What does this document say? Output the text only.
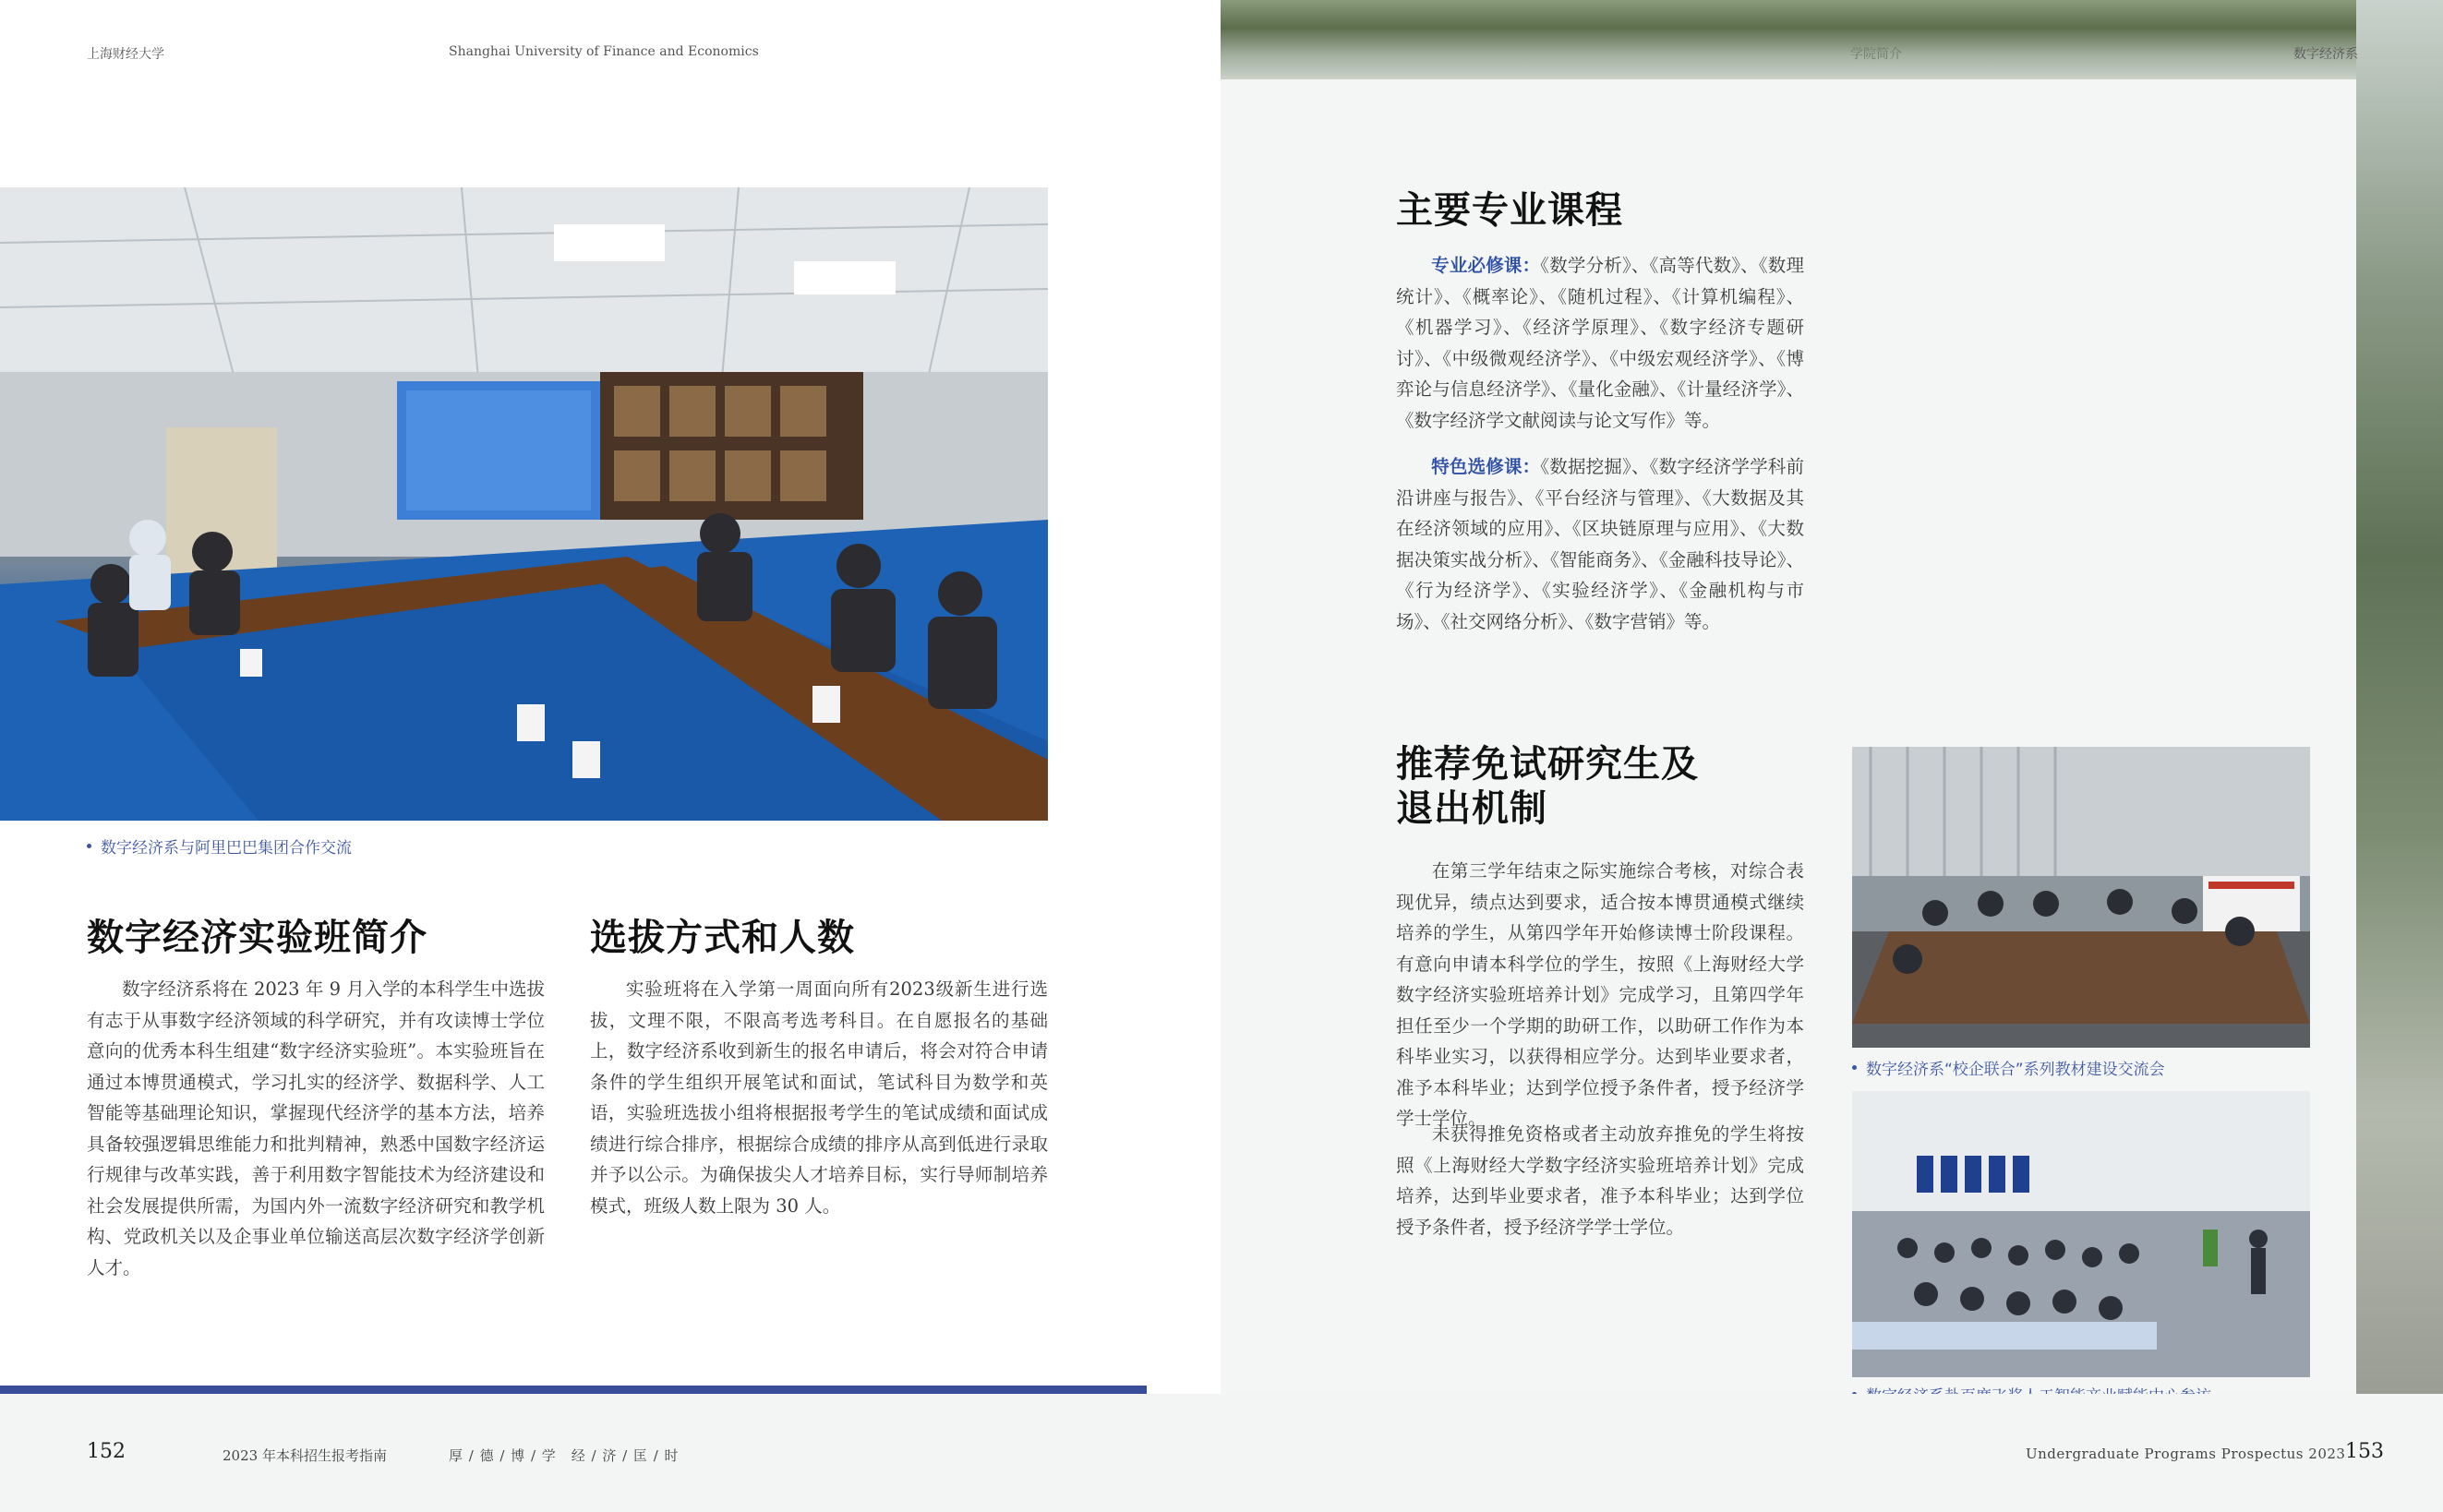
上海财经大学	Shanghai University of Finance and Economics
数字经济系与阿里巴巴集团合作交流
数字经济实验班简介

数字经济系将在 2023 年 9 月入学的本科学生中选拔有志于从事数字经济领域的科学研究，并有攻读博士学位意向的优秀本科生组建“数字经济实验班”。本实验班旨在通过本博贯通模式，学习扎实的经济学、数据科学、人工智能等基础理论知识，掌握现代经济学的基本方法，培养具备较强逻辑思维能力和批判精神，熟悉中国数字经济运行规律与改革实践，善于利用数字智能技术为经济建设和社会发展提供所需，为国内外一流数字经济研究和教学机构、党政机关以及企事业单位输送高层次数字经济学创新人才。

选拔方式和人数

实验班将在入学第一周面向所有2023级新生进行选拔，文理不限，不限高考选考科目。在自愿报名的基础上，数字经济系收到新生的报名申请后，将会对符合申请条件的学生组织开展笔试和面试，笔试科目为数学和英语，实验班选拔小组将根据报考学生的笔试成绩和面试成绩进行综合排序，根据综合成绩的排序从高到低进行录取并予以公示。为确保拔尖人才培养目标，实行导师制培养模式，班级人数上限为 30 人。

学院简介	数字经济系
主要专业课程

专业必修课：《数学分析》、《高等代数》、《数理统计》、《概率论》、《随机过程》、《计算机编程》、《机器学习》、《经济学原理》、《数字经济专题研讨》、《中级微观经济学》、《中级宏观经济学》、《博弈论与信息经济学》、《量化金融》、《计量经济学》、《数字经济学文献阅读与论文写作》等。

特色选修课：《数据挖掘》、《数字经济学学科前沿讲座与报告》、《平台经济与管理》、《大数据及其在经济领域的应用》、《区块链原理与应用》、《大数据决策实战分析》、《智能商务》、《金融科技导论》、《行为经济学》、《实验经济学》、《金融机构与市场》、《社交网络分析》、《数字营销》等。

推荐免试研究生及
退出机制

在第三学年结束之际实施综合考核，对综合表现优异，绩点达到要求，适合按本博贯通模式继续培养的学生，从第四学年开始修读博士阶段课程。有意向申请本科学位的学生，按照《上海财经大学数字经济实验班培养计划》完成学习，且第四学年担任至少一个学期的助研工作，以助研工作作为本科毕业实习，以获得相应学分。达到毕业要求者，准予本科毕业；达到学位授予条件者，授予经济学学士学位。

未获得推免资格或者主动放弃推免的学生将按照《上海财经大学数字经济实验班培养计划》完成培养，达到毕业要求者，准予本科毕业；达到学位授予条件者，授予经济学学士学位。

数字经济系“校企联合”系列教材建设交流会
152	2023 年本科招生报考指南	厚 / 德 / 博 / 学　经 / 济 / 匡 / 时	Undergraduate Programs Prospectus 2023 153
